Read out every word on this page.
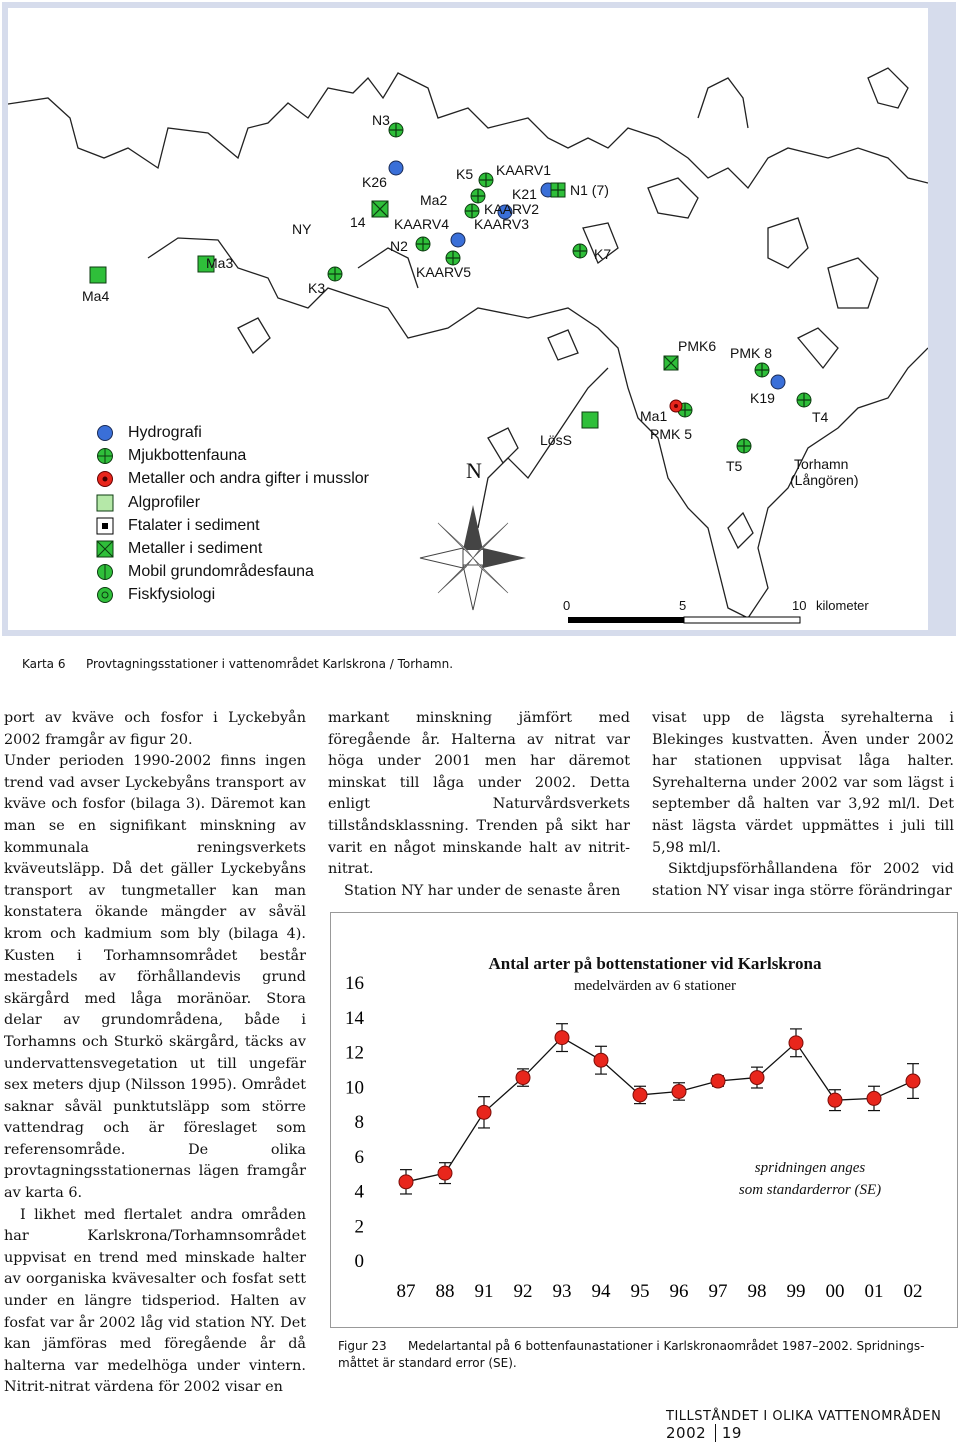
N3
K26	K5 KAARV1
Ma2	K21 N1 (7)
KAARV2
14
NY	KAARV4 KAARV3
N2	K7
Ma3
K3
KAARV5
Ma4
PMK6 PMK 8
K19
T4
Ma1
PMK 5
LösS
T5	Torhamn
(Långören)
N
0	5	10 kilometer
Hydrografi
Mjukbottenfauna
Metaller och andra gifter i musslor
Algprofiler
Ftalater i sediment
Metaller i sediment
Mobil grundområdesfauna
Fiskfysiologi
Karta 6 Provtagningsstationer i vattenområdet Karlskrona / Torhamn.

port av kväve och fosfor i Lyckebyån 2002 framgår av figur 20.

Under perioden 1990-2002 finns ingen trend vad avser Lyckebyåns transport av kväve och fosfor (bilaga 3). Däremot kan man se en signifikant minskning av kommunala reningsverkets kväveutsläpp. Då det gäller Lyckebyåns transport av tungmetaller kan man konstatera ökande mängder av såväl krom och kadmium som bly (bilaga 4). Kusten i Torhamnsområdet består mestadels av förhållandevis grund skärgård med låga moränöar. Stora delar av grundområdena, både i Torhamns och Sturkö skärgård, täcks av undervattensvegetation ut till ungefär sex meters djup (Nilsson 1995). Området saknar såväl punktutsläpp som större vattendrag och är föreslaget som referensområde. De olika provtagningsstationernas lägen framgår av karta 6.

I likhet med flertalet andra områden har Karlskrona/Torhamnsområdet uppvisat en trend med minskade halter av oorganiska kvävesalter och fosfat sett under en längre tidsperiod. Halten av fosfat var år 2002 låg vid station NY. Det kan jämföras med föregående år då halterna var medelhöga under vintern. Nitrit-nitrat värdena för 2002 visar en

markant minskning jämfört med föregående år. Halterna av nitrat var höga under 2001 men har däremot minskat till låga under 2002. Detta enligt Naturvårdsverkets tillståndsklassning. Trenden på sikt har varit en något minskande halt av nitrit-nitrat.

Station NY har under de senaste åren

visat upp de lägsta syrehalterna i Blekinges kustvatten. Även under 2002 har stationen uppvisat låga halter. Syrehalterna under 2002 var som lägst i september då halten var 3,92 ml/l. Det näst lägsta värdet uppmättes i juli till 5,98 ml/l.

Siktdjupsförhållandena för 2002 vid station NY visar inga större förändringar

Antal arter på bottenstationer vid Karlskrona
medelvärden av 6 stationer
spridningen anges
som standarderror (SE)
0
2
4
6
8
10
12
14
16
87 88 91 92 93 94 95 96 97 98 99 00 01 02
Figur 23 Medelartantal på 6 bottenfaunastationer i Karlskronaområdet 1987–2002. Spridnings-
måttet är standard error (SE).
TILLSTÅNDET I OLIKA VATTENOMRÅDEN 2002 19
